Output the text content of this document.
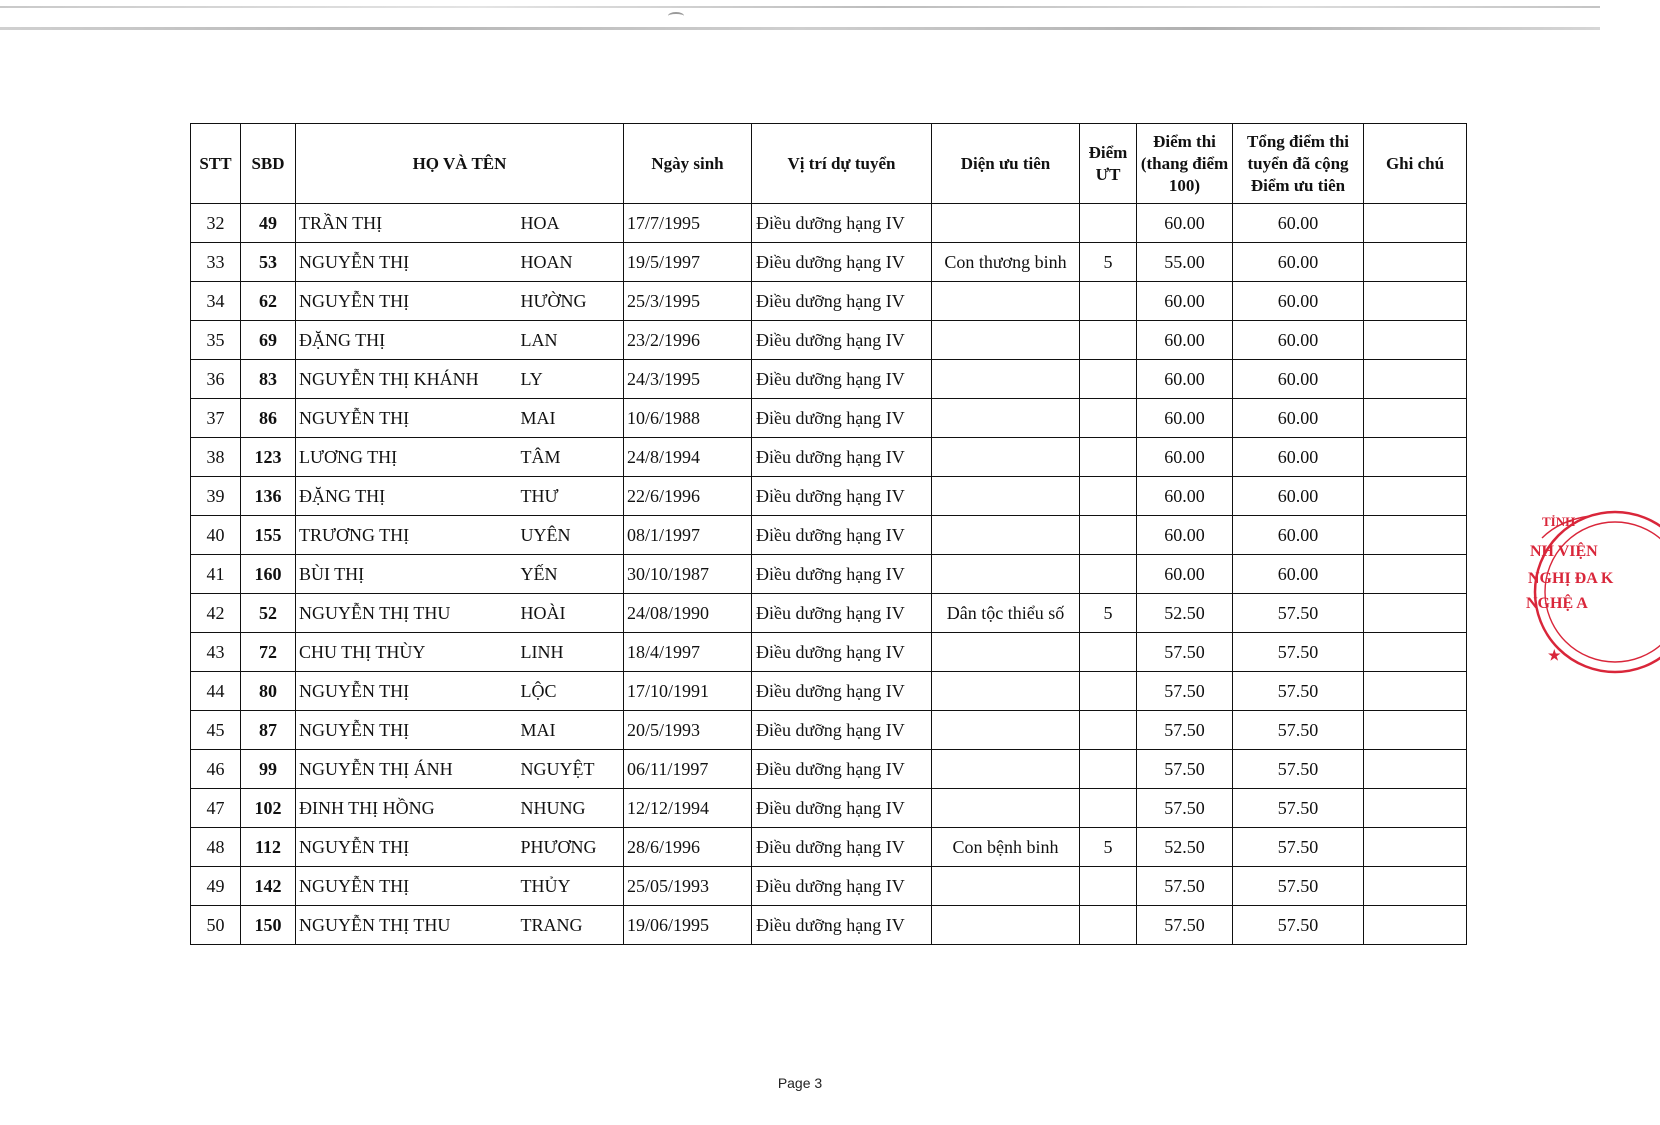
STT	SBD	HỌ VÀ TÊN		Ngày sinh	Vị trí dự tuyển	Diện ưu tiên	Điểm ƯT	Điểm thi (thang điểm 100)	Tổng điểm thi tuyển đã cộng Điểm ưu tiên	Ghi chú
32	49	TRẦN THỊ	HOA	17/7/1995	Điều dưỡng hạng IV			60.00	60.00	
33	53	NGUYỄN THỊ	HOAN	19/5/1997	Điều dưỡng hạng IV	Con thương binh	5	55.00	60.00	
34	62	NGUYỄN THỊ	HƯỜNG	25/3/1995	Điều dưỡng hạng IV			60.00	60.00	
35	69	ĐẶNG THỊ	LAN	23/2/1996	Điều dưỡng hạng IV			60.00	60.00	
36	83	NGUYỄN THỊ KHÁNH	LY	24/3/1995	Điều dưỡng hạng IV			60.00	60.00	
37	86	NGUYỄN THỊ	MAI	10/6/1988	Điều dưỡng hạng IV			60.00	60.00	
38	123	LƯƠNG THỊ	TÂM	24/8/1994	Điều dưỡng hạng IV			60.00	60.00	
39	136	ĐẶNG THỊ	THƯ	22/6/1996	Điều dưỡng hạng IV			60.00	60.00	
40	155	TRƯƠNG THỊ	UYÊN	08/1/1997	Điều dưỡng hạng IV			60.00	60.00	
41	160	BÙI THỊ	YẾN	30/10/1987	Điều dưỡng hạng IV			60.00	60.00	
42	52	NGUYỄN THỊ THU	HOÀI	24/08/1990	Điều dưỡng hạng IV	Dân tộc thiểu số	5	52.50	57.50	
43	72	CHU THỊ THÙY	LINH	18/4/1997	Điều dưỡng hạng IV			57.50	57.50	
44	80	NGUYỄN THỊ	LỘC	17/10/1991	Điều dưỡng hạng IV			57.50	57.50	
45	87	NGUYỄN THỊ	MAI	20/5/1993	Điều dưỡng hạng IV			57.50	57.50	
46	99	NGUYỄN THỊ ÁNH	NGUYỆT	06/11/1997	Điều dưỡng hạng IV			57.50	57.50	
47	102	ĐINH THỊ HỒNG	NHUNG	12/12/1994	Điều dưỡng hạng IV			57.50	57.50	
48	112	NGUYỄN THỊ	PHƯƠNG	28/6/1996	Điều dưỡng hạng IV	Con bệnh binh	5	52.50	57.50	
49	142	NGUYỄN THỊ	THỦY	25/05/1993	Điều dưỡng hạng IV			57.50	57.50	
50	150	NGUYỄN THỊ THU	TRANG	19/06/1995	Điều dưỡng hạng IV			57.50	57.50	
Page 3
TỈNH
NH VIỆN
NGHỊ ĐA K
NGHỆ A
★
